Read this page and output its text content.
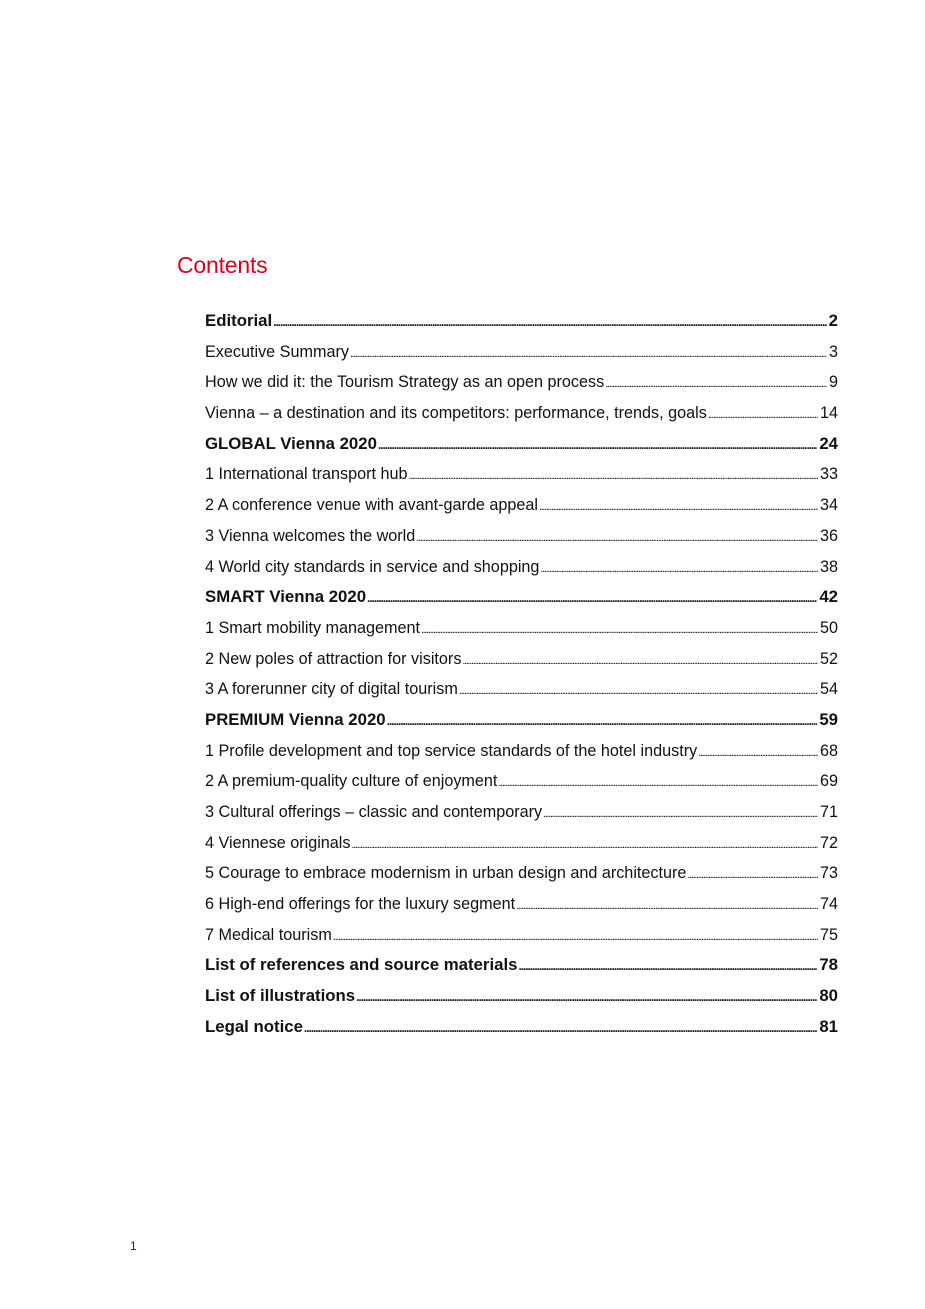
Contents
Editorial . . .	2
Executive Summary . . .	3
How we did it: the Tourism Strategy as an open process . . .	9
Vienna – a destination and its competitors: performance, trends, goals . . .	14
GLOBAL Vienna 2020 . . .	24
1 International transport hub . . .	33
2 A conference venue with avant-garde appeal . . .	34
3 Vienna welcomes the world . . .	36
4 World city standards in service and shopping . . .	38
SMART Vienna 2020 . . .	42
1 Smart mobility management . . .	50
2 New poles of attraction for visitors . . .	52
3 A forerunner city of digital tourism . . .	54
PREMIUM Vienna 2020 . . .	59
1 Profile development and top service standards of the hotel industry . . .	68
2 A premium-quality culture of enjoyment . . .	69
3 Cultural offerings – classic and contemporary . . .	71
4 Viennese originals . . .	72
5 Courage to embrace modernism in urban design and architecture . . .	73
6 High-end offerings for the luxury segment . . .	74
7 Medical tourism . . .	75
List of references and source materials . . .	78
List of illustrations . . .	80
Legal notice . . .	81
1
